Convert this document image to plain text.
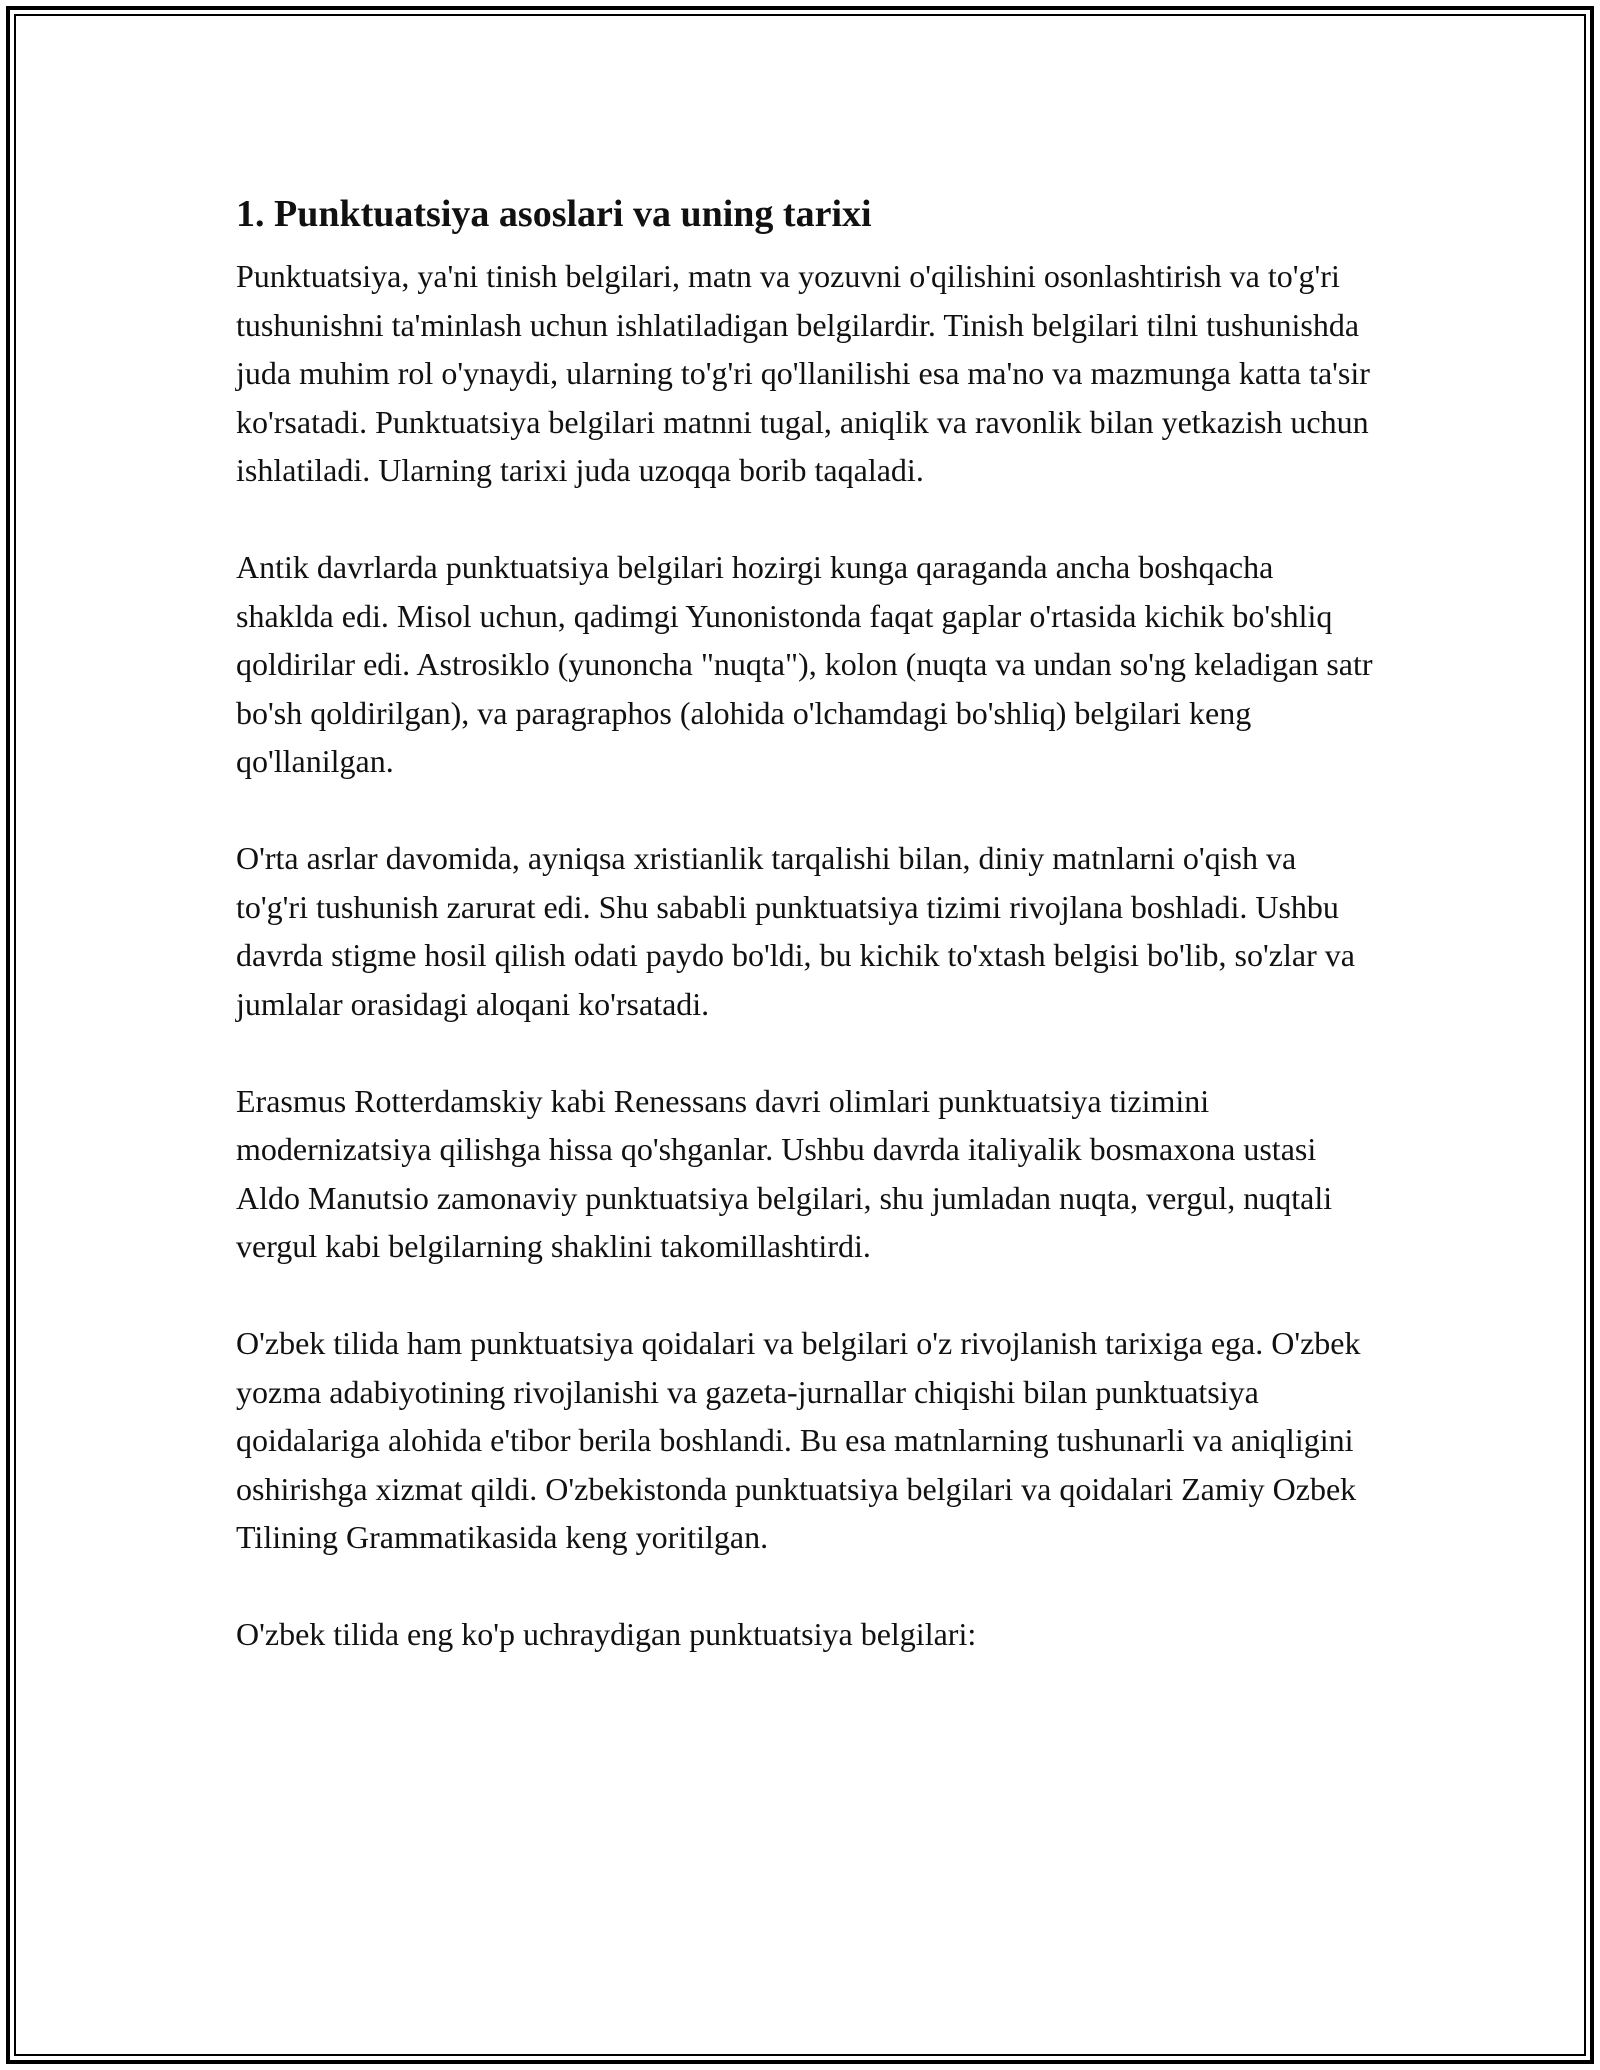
1. Punktuatsiya asoslari va uning tarixi

Punktuatsiya, ya'ni tinish belgilari, matn va yozuvni o'qilishini osonlashtirish va to'g'ri tushunishni ta'minlash uchun ishlatiladigan belgilardir. Tinish belgilari tilni tushunishda juda muhim rol o'ynaydi, ularning to'g'ri qo'llanilishi esa ma'no va mazmunga katta ta'sir ko'rsatadi. Punktuatsiya belgilari matnni tugal, aniqlik va ravonlik bilan yetkazish uchun ishlatiladi. Ularning tarixi juda uzoqqa borib taqaladi.

Antik davrlarda punktuatsiya belgilari hozirgi kunga qaraganda ancha boshqacha shaklda edi. Misol uchun, qadimgi Yunonistonda faqat gaplar o'rtasida kichik bo'shliq qoldirilar edi. Astrosiklo (yunoncha "nuqta"), kolon (nuqta va undan so'ng keladigan satr bo'sh qoldirilgan), va paragraphos (alohida o'lchamdagi bo'shliq) belgilari keng qo'llanilgan.

O'rta asrlar davomida, ayniqsa xristianlik tarqalishi bilan, diniy matnlarni o'qish va to'g'ri tushunish zarurat edi. Shu sababli punktuatsiya tizimi rivojlana boshladi. Ushbu davrda stigme hosil qilish odati paydo bo'ldi, bu kichik to'xtash belgisi bo'lib, so'zlar va jumlalar orasidagi aloqani ko'rsatadi.

Erasmus Rotterdamskiy kabi Renessans davri olimlari punktuatsiya tizimini modernizatsiya qilishga hissa qo'shganlar. Ushbu davrda italiyalik bosmaxona ustasi Aldo Manutsio zamonaviy punktuatsiya belgilari, shu jumladan nuqta, vergul, nuqtali vergul kabi belgilarning shaklini takomillashtirdi.

O'zbek tilida ham punktuatsiya qoidalari va belgilari o'z rivojlanish tarixiga ega. O'zbek yozma adabiyotining rivojlanishi va gazeta-jurnallar chiqishi bilan punktuatsiya qoidalariga alohida e'tibor berila boshlandi. Bu esa matnlarning tushunarli va aniqligini oshirishga xizmat qildi. O'zbekistonda punktuatsiya belgilari va qoidalari Zamiy Ozbek Tilining Grammatikasida keng yoritilgan.

O'zbek tilida eng ko'p uchraydigan punktuatsiya belgilari:
